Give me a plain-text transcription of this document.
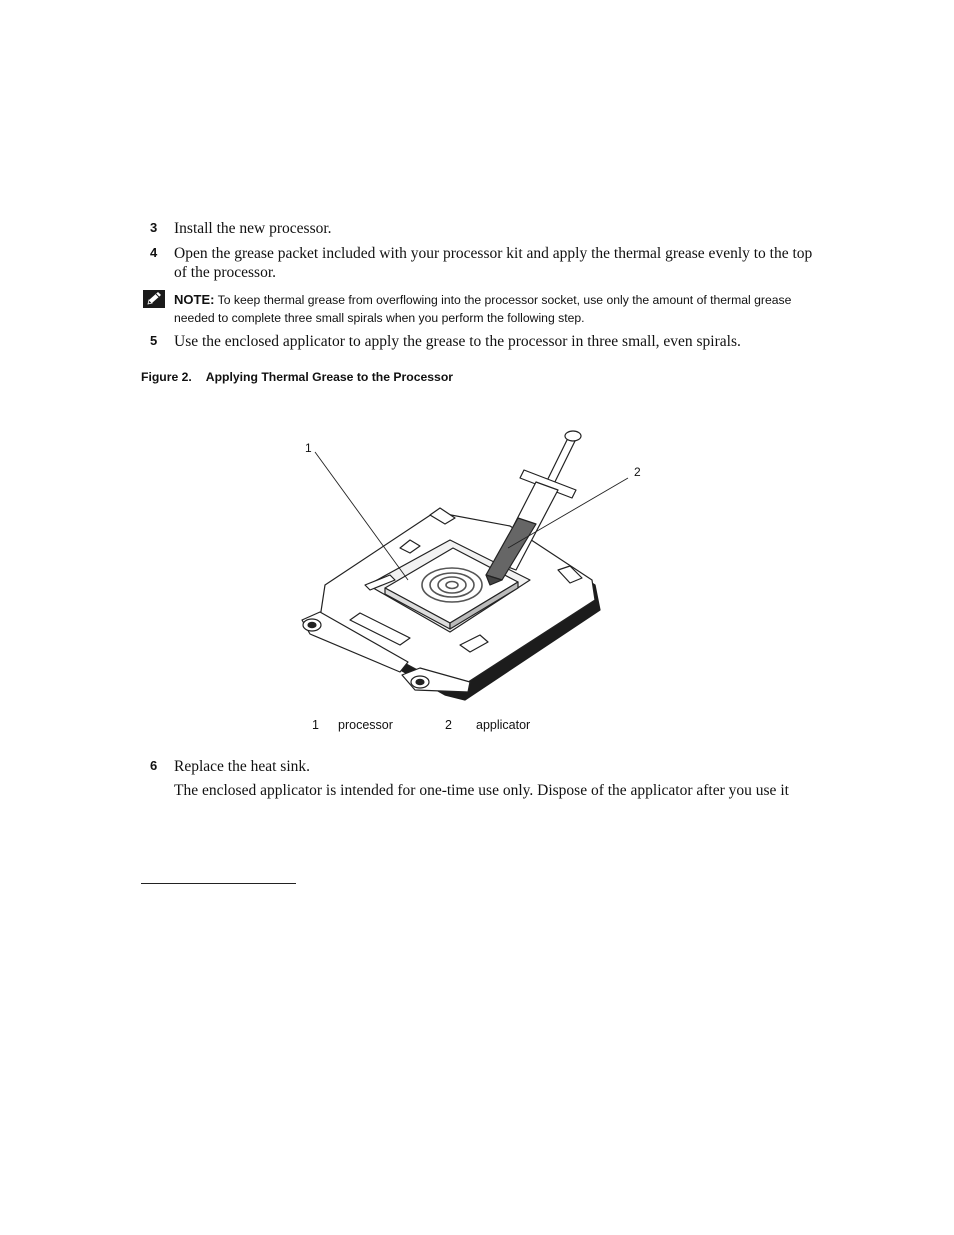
3 Install the new processor.
4 Open the grease packet included with your processor kit and apply the thermal grease evenly to the top of the processor.
NOTE: To keep thermal grease from overflowing into the processor socket, use only the amount of thermal grease needed to complete three small spirals when you perform the following step.
5 Use the enclosed applicator to apply the grease to the processor in three small, even spirals.
Figure 2. Applying Thermal Grease to the Processor
1
2
1 processor	2 applicator
6 Replace the heat sink.
The enclosed applicator is intended for one-time use only. Dispose of the applicator after you use it
